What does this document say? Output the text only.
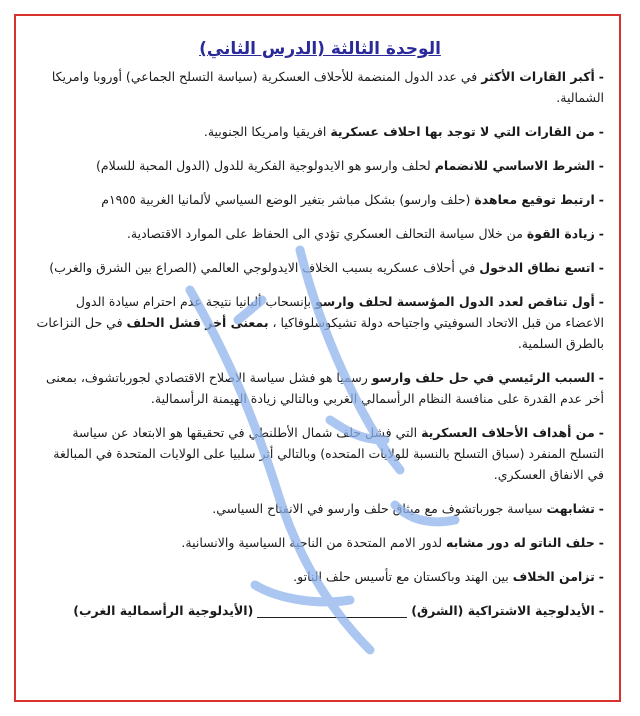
الوحدة الثالثة (الدرس الثاني)
-أكبر القارات الأكثر في عدد الدول المنضمة للأحلاف العسكرية (سياسة التسلح الجماعي) أوروبا وامريكا الشمالية.
-من القارات التي لا توجد بها احلاف عسكرية افريقيا وامريكا الجنوبية.
-الشرط الاساسي للانضمام لحلف وارسو هو الايدولوجية الفكرية للدول (الدول المحبة للسلام)
-ارتبط توقيع معاهدة (حلف وارسو) بشكل مباشر بتغير الوضع السياسي لألمانيا الغربية ١٩٥٥م
-زيادة القوة من خلال سياسة التحالف العسكري تؤدي الى الحفاظ على الموارد الاقتصادية.
-اتسع نطاق الدخول في أحلاف عسكريه بسبب الخلاف الايدولوجي العالمي (الصراع بين الشرق والغرب)
-أول تناقص لعدد الدول المؤسسة لحلف وارسو بإنسحاب ألبانيا نتيجة عدم احترام سيادة الدول الاعضاء من قبل الاتحاد السوفيتي واجتياحه دولة تشيكوسلوفاكيا ، بمعنى أخر فشل الحلف في حل النزاعات بالطرق السلمية.
-السبب الرئيسي في حل حلف وارسو رسميا هو فشل سياسة الاصلاح الاقتصادي لجورباتشوف، بمعنى أخر عدم القدرة على منافسة النظام الرأسمالي الغربي وبالتالي زيادة الهيمنة الرأسمالية.
-من أهداف الأحلاف العسكرية التي فشل حلف شمال الأطلنطي في تحقيقها هو الابتعاد عن سياسة التسلح المنفرد (سباق التسلح بالنسبة للولايات المتحده) وبالتالي أثر سلبيا على الولايات المتحدة في المبالغة في الانفاق العسكري.
-تشابهت سياسة جورباتشوف مع ميثاق حلف وارسو في الانفتاح السياسي.
-حلف الناتو له دور مشابه لدور الامم المتحدة من الناحية السياسية والانسانية.
-تزامن الخلاف بين الهند وباكستان مع تأسيس حلف الناتو.
-الأيدلوجية الاشتراكية (الشرق)(الأيدلوجية الرأسمالية الغرب)
